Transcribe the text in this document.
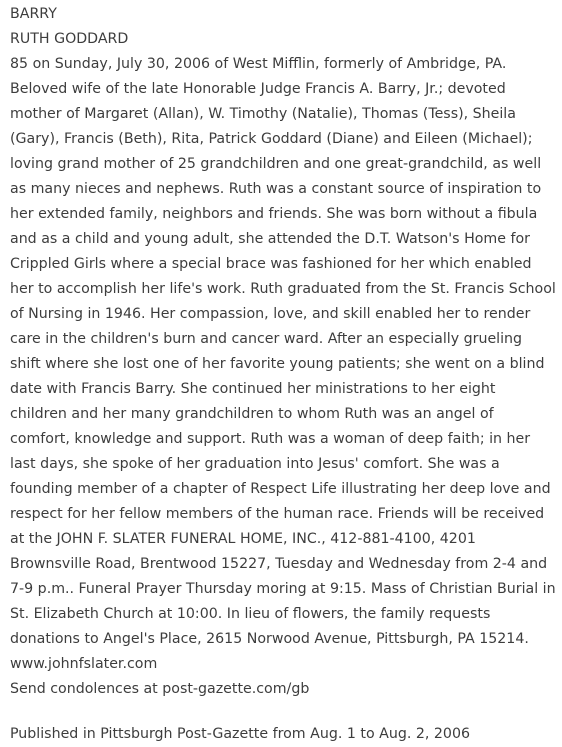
BARRY

RUTH GODDARD

85 on Sunday, July 30, 2006 of West Mifflin, formerly of Ambridge, PA. Beloved wife of the late Honorable Judge Francis A. Barry, Jr.; devoted mother of Margaret (Allan), W. Timothy (Natalie), Thomas (Tess), Sheila (Gary), Francis (Beth), Rita, Patrick Goddard (Diane) and Eileen (Michael); loving grand mother of 25 grandchildren and one great-grandchild, as well as many nieces and nephews. Ruth was a constant source of inspiration to her extended family, neighbors and friends. She was born without a fibula and as a child and young adult, she attended the D.T. Watson's Home for Crippled Girls where a special brace was fashioned for her which enabled her to accomplish her life's work. Ruth graduated from the St. Francis School of Nursing in 1946. Her compassion, love, and skill enabled her to render care in the children's burn and cancer ward. After an especially grueling shift where she lost one of her favorite young patients; she went on a blind date with Francis Barry. She continued her ministrations to her eight children and her many grandchildren to whom Ruth was an angel of comfort, knowledge and support. Ruth was a woman of deep faith; in her last days, she spoke of her graduation into Jesus' comfort. She was a founding member of a chapter of Respect Life illustrating her deep love and respect for her fellow members of the human race. Friends will be received at the JOHN F. SLATER FUNERAL HOME, INC., 412-881-4100, 4201 Brownsville Road, Brentwood 15227, Tuesday and Wednesday from 2-4 and 7-9 p.m.. Funeral Prayer Thursday moring at 9:15. Mass of Christian Burial in St. Elizabeth Church at 10:00. In lieu of flowers, the family requests donations to Angel's Place, 2615 Norwood Avenue, Pittsburgh, PA 15214.

www.johnfslater.com

Send condolences at post-gazette.com/gb

Published in Pittsburgh Post-Gazette from Aug. 1 to Aug. 2, 2006
